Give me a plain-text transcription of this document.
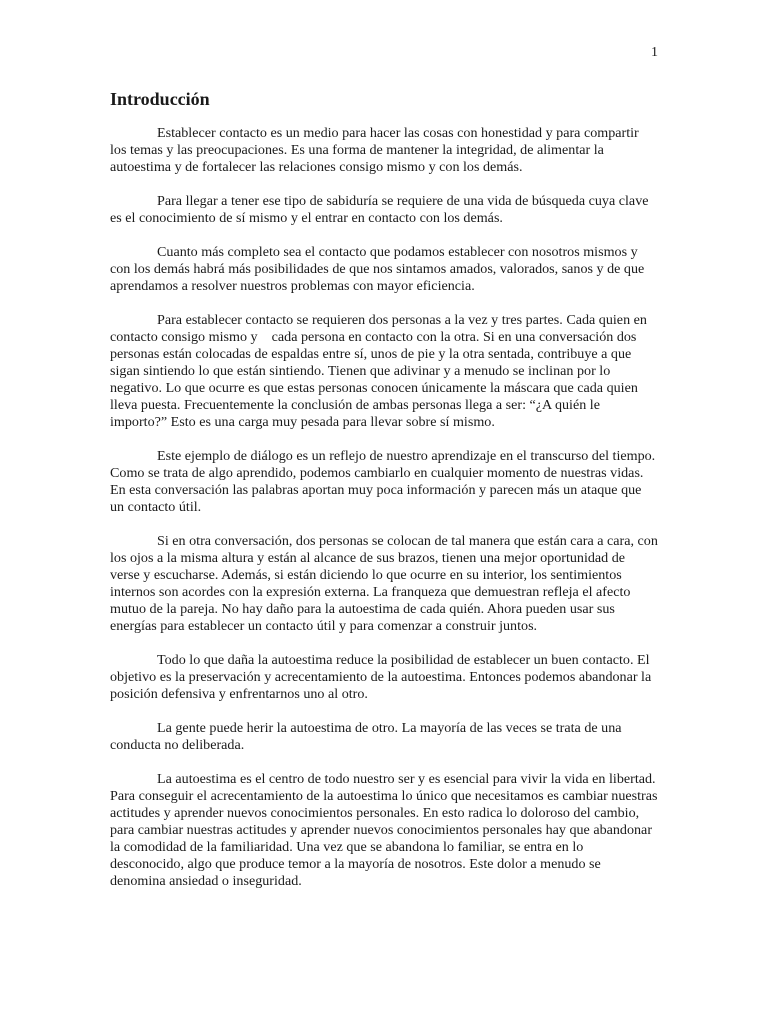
1
Introducción

Establecer contacto es un medio para hacer las cosas con honestidad y para compartir los temas y las preocupaciones. Es una forma de mantener la integridad, de alimentar la autoestima y de fortalecer las relaciones consigo mismo y con los demás.

Para llegar a tener ese tipo de sabiduría se requiere de una vida de búsqueda cuya clave es el conocimiento de sí mismo y el entrar en contacto con los demás.

Cuanto más completo sea el contacto que podamos establecer con nosotros mismos y con los demás habrá más posibilidades de que nos sintamos amados, valorados, sanos y de que aprendamos a resolver nuestros problemas con mayor eficiencia.

Para establecer contacto se requieren dos personas a la vez y tres partes. Cada quien en contacto consigo mismo y    cada persona en contacto con la otra. Si en una conversación dos personas están colocadas de espaldas entre sí, unos de pie y la otra sentada, contribuye a que sigan sintiendo lo que están sintiendo. Tienen que adivinar y a menudo se inclinan por lo negativo. Lo que ocurre es que estas personas conocen únicamente la máscara que cada quien lleva puesta. Frecuentemente la conclusión de ambas personas llega a ser: “¿A quién le importo?” Esto es una carga muy pesada para llevar sobre sí mismo.

Este ejemplo de diálogo es un reflejo de nuestro aprendizaje en el transcurso del tiempo. Como se trata de algo aprendido, podemos cambiarlo en cualquier momento de nuestras vidas. En esta conversación las palabras aportan muy poca información y parecen más un ataque que un contacto útil.

Si en otra conversación, dos personas se colocan de tal manera que están cara a cara, con los ojos a la misma altura y están al alcance de sus brazos, tienen una mejor oportunidad de verse y escucharse. Además, si están diciendo lo que ocurre en su interior, los sentimientos internos son acordes con la expresión externa. La franqueza que demuestran refleja el afecto mutuo de la pareja. No hay daño para la autoestima de cada quién. Ahora pueden usar sus energías para establecer un contacto útil y para comenzar a construir juntos.

Todo lo que daña la autoestima reduce la posibilidad de establecer un buen contacto. El objetivo es la preservación y acrecentamiento de la autoestima. Entonces podemos abandonar la posición defensiva y enfrentarnos uno al otro.

La gente puede herir la autoestima de otro. La mayoría de las veces se trata de una conducta no deliberada.

La autoestima es el centro de todo nuestro ser y es esencial para vivir la vida en libertad. Para conseguir el acrecentamiento de la autoestima lo único que necesitamos es cambiar nuestras actitudes y aprender nuevos conocimientos personales. En esto radica lo doloroso del cambio, para cambiar nuestras actitudes y aprender nuevos conocimientos personales hay que abandonar la comodidad de la familiaridad. Una vez que se abandona lo familiar, se entra en lo desconocido, algo que produce temor a la mayoría de nosotros. Este dolor a menudo se denomina ansiedad o inseguridad.
